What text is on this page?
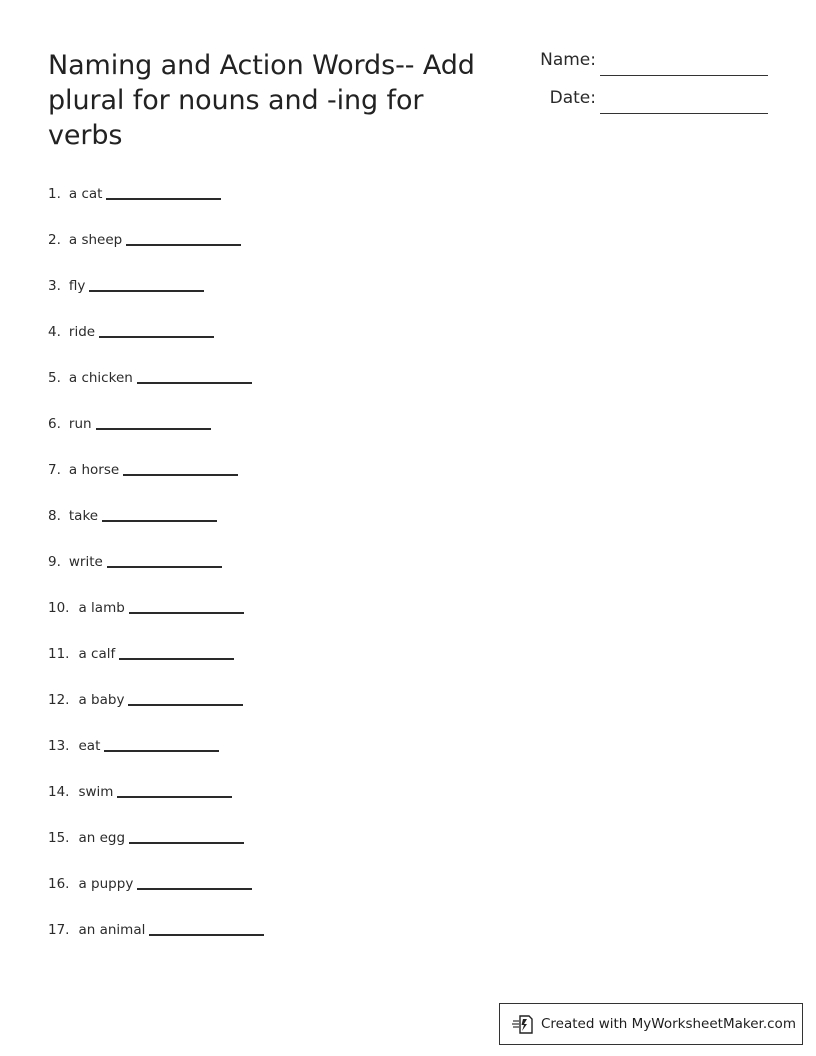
Naming and Action Words-- Add plural for nouns and -ing for verbs
Name:
Date:
1. a cat
2. a sheep
3. fly
4. ride
5. a chicken
6. run
7. a horse
8. take
9. write
10. a lamb
11. a calf
12. a baby
13. eat
14. swim
15. an egg
16. a puppy
17. an animal
Created with MyWorksheetMaker.com
